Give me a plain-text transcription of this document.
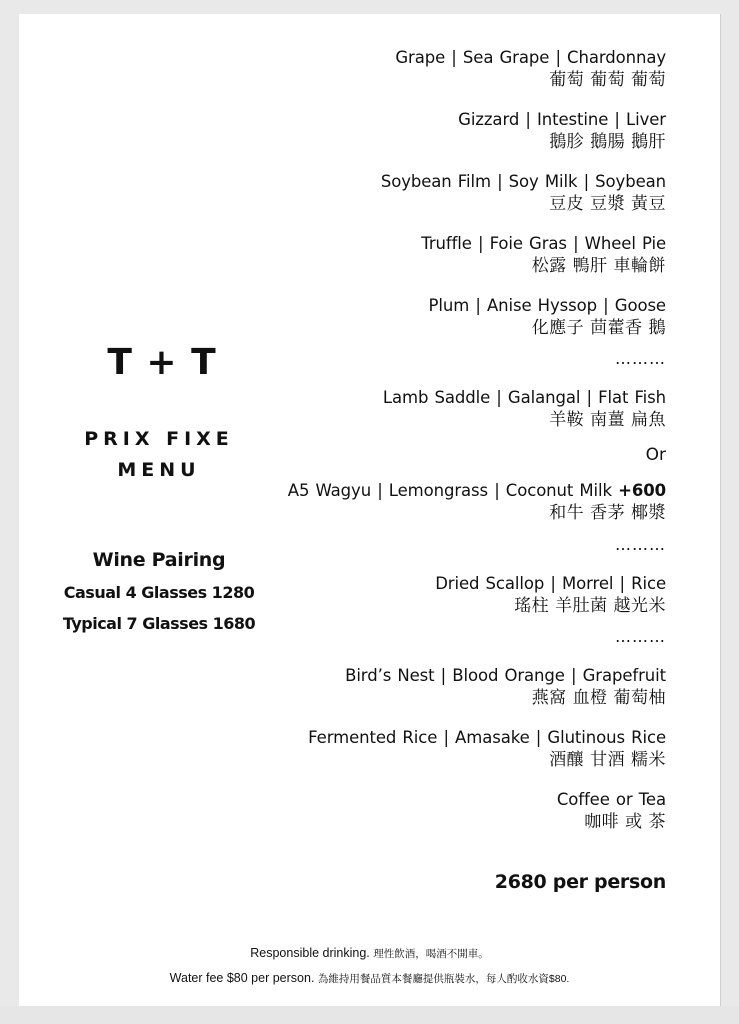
T + T
PRIX FIXE
MENU
Wine Pairing
Casual 4 Glasses 1280
Typical 7 Glasses 1680
Grape | Sea Grape | Chardonnay
葡萄 葡萄 葡萄
Gizzard | Intestine | Liver
鵝胗 鵝腸 鵝肝
Soybean Film | Soy Milk | Soybean
豆皮 豆漿 黃豆
Truffle | Foie Gras | Wheel Pie
松露 鴨肝 車輪餅
Plum | Anise Hyssop | Goose
化應子 茴藿香 鵝
………
Lamb Saddle | Galangal | Flat Fish
羊鞍 南薑 扁魚
Or
A5 Wagyu | Lemongrass | Coconut Milk +600
和牛 香茅 椰漿
………
Dried Scallop | Morrel | Rice
瑤柱 羊肚菌 越光米
………
Bird’s Nest | Blood Orange | Grapefruit
燕窩 血橙 葡萄柚
Fermented Rice | Amasake | Glutinous Rice
酒釀 甘酒 糯米
Coffee or Tea
咖啡 或 茶
2680 per person
Responsible drinking. 理性飲酒，喝酒不開車。
Water fee $80 per person. 為維持用餐品質本餐廳提供瓶裝水，每人酌收水資$80.
